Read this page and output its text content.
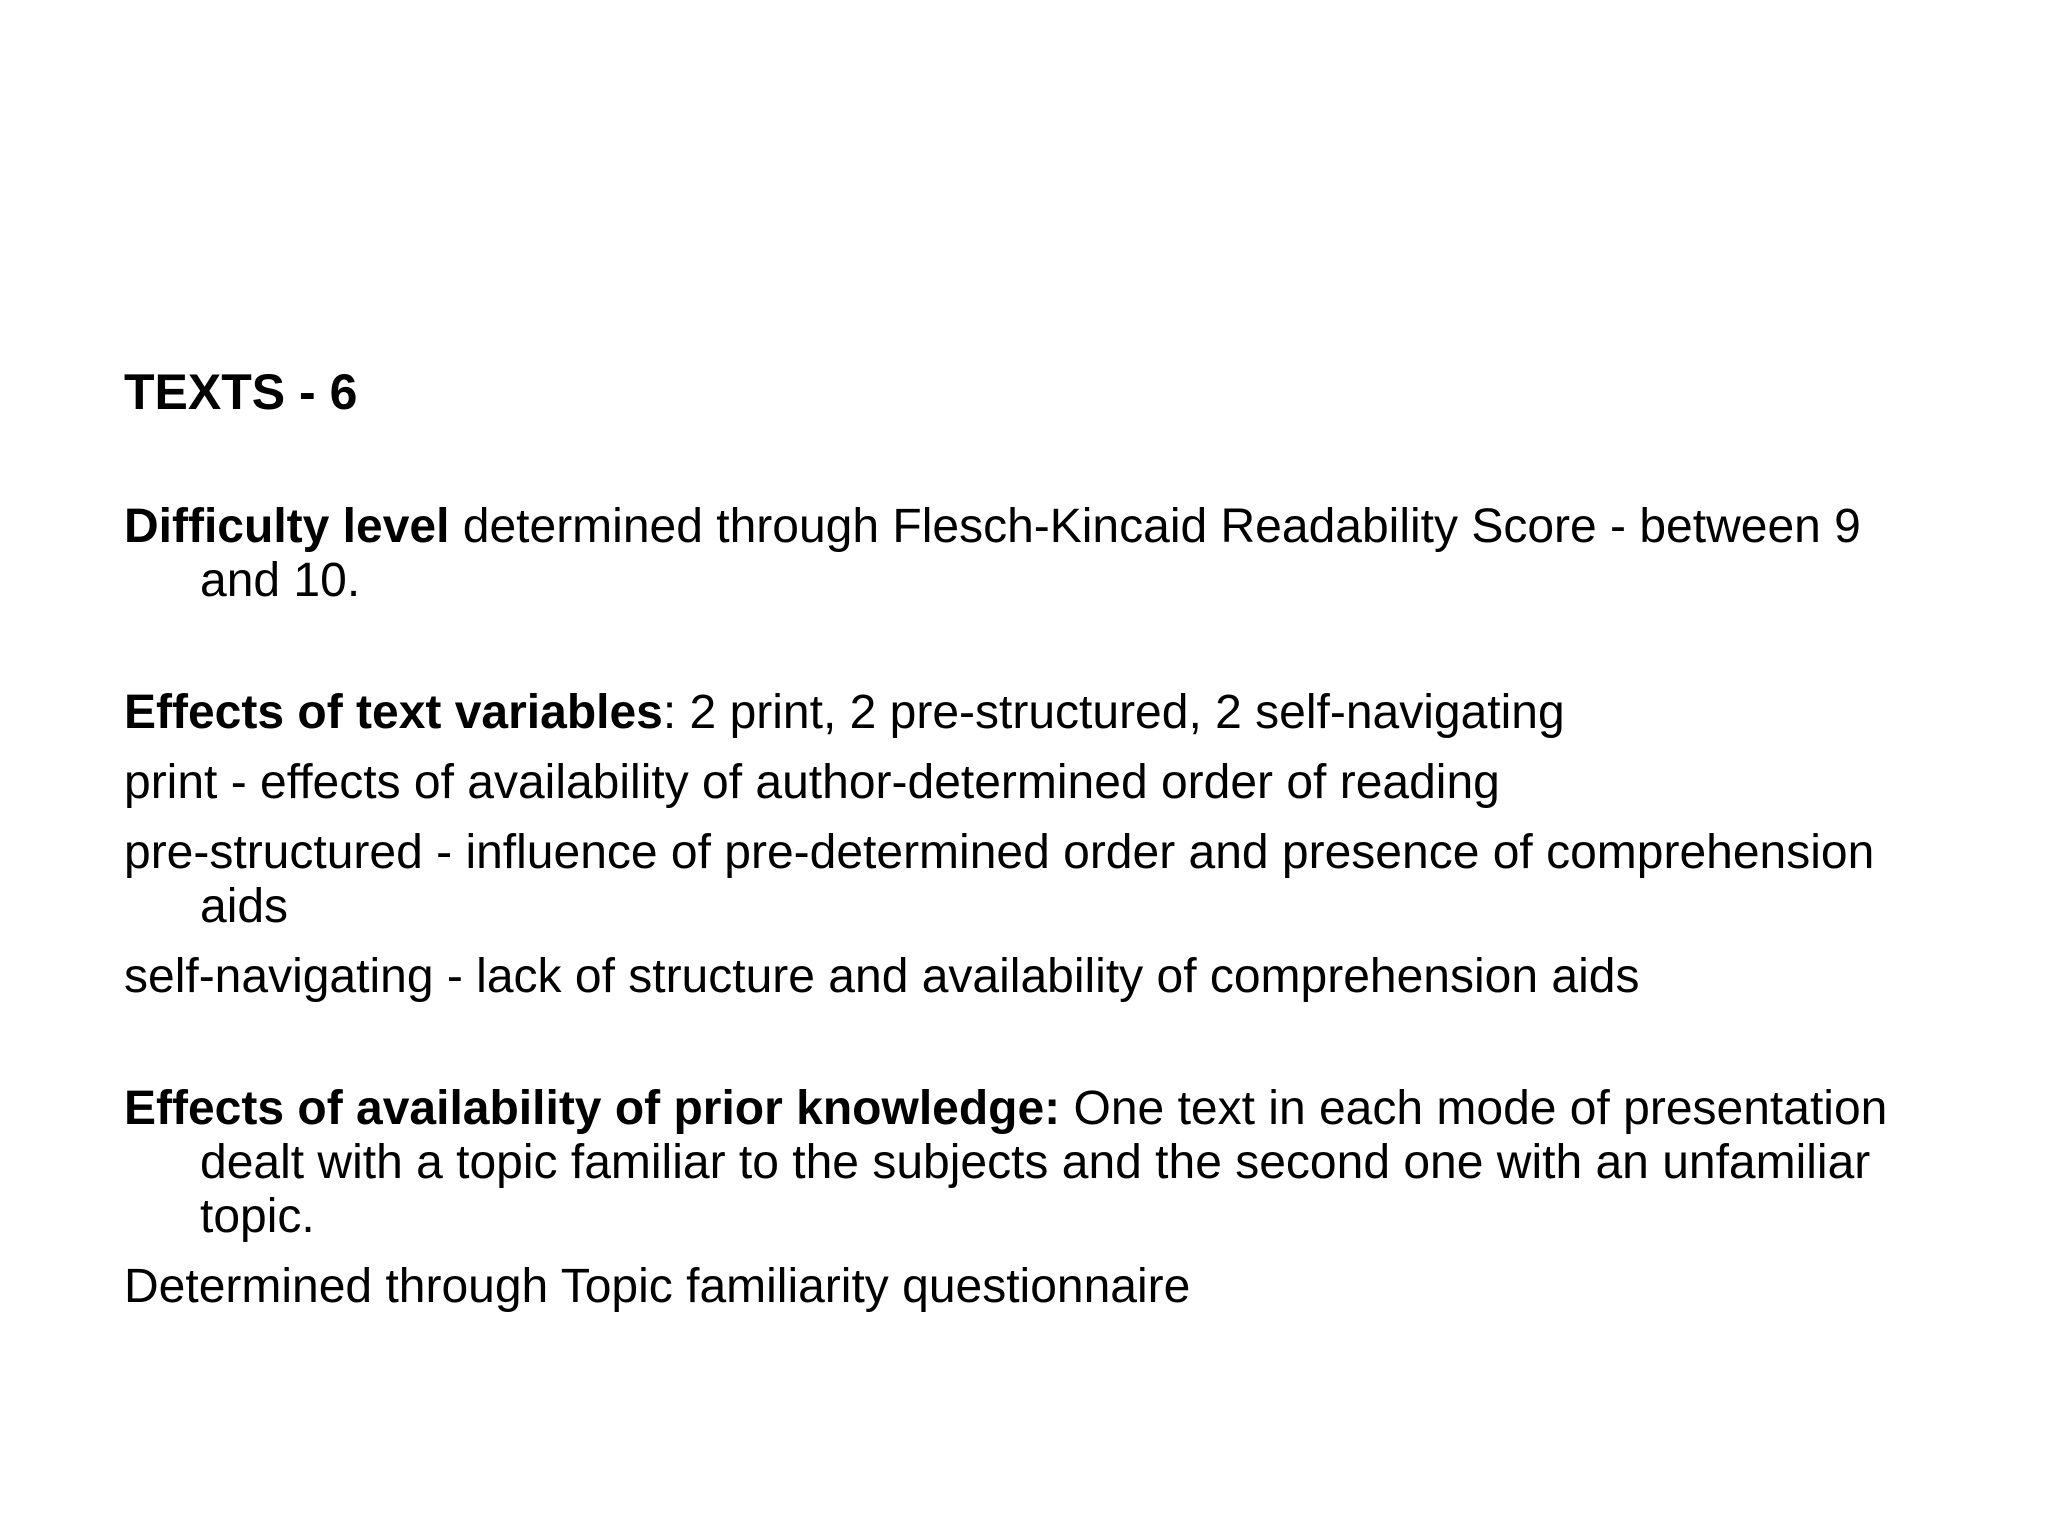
TEXTS - 6

Difficulty level determined through Flesch-Kincaid Readability Score - between 9 and 10.

Effects of text variables: 2 print, 2 pre-structured, 2 self-navigating

print - effects of availability of author-determined order of reading

pre-structured - influence of pre-determined order and presence of comprehension aids

self-navigating - lack of structure and availability of comprehension aids

Effects of availability of prior knowledge: One text in each mode of presentation dealt with a topic familiar to the subjects and the second one with an unfamiliar topic.

Determined through Topic familiarity questionnaire
